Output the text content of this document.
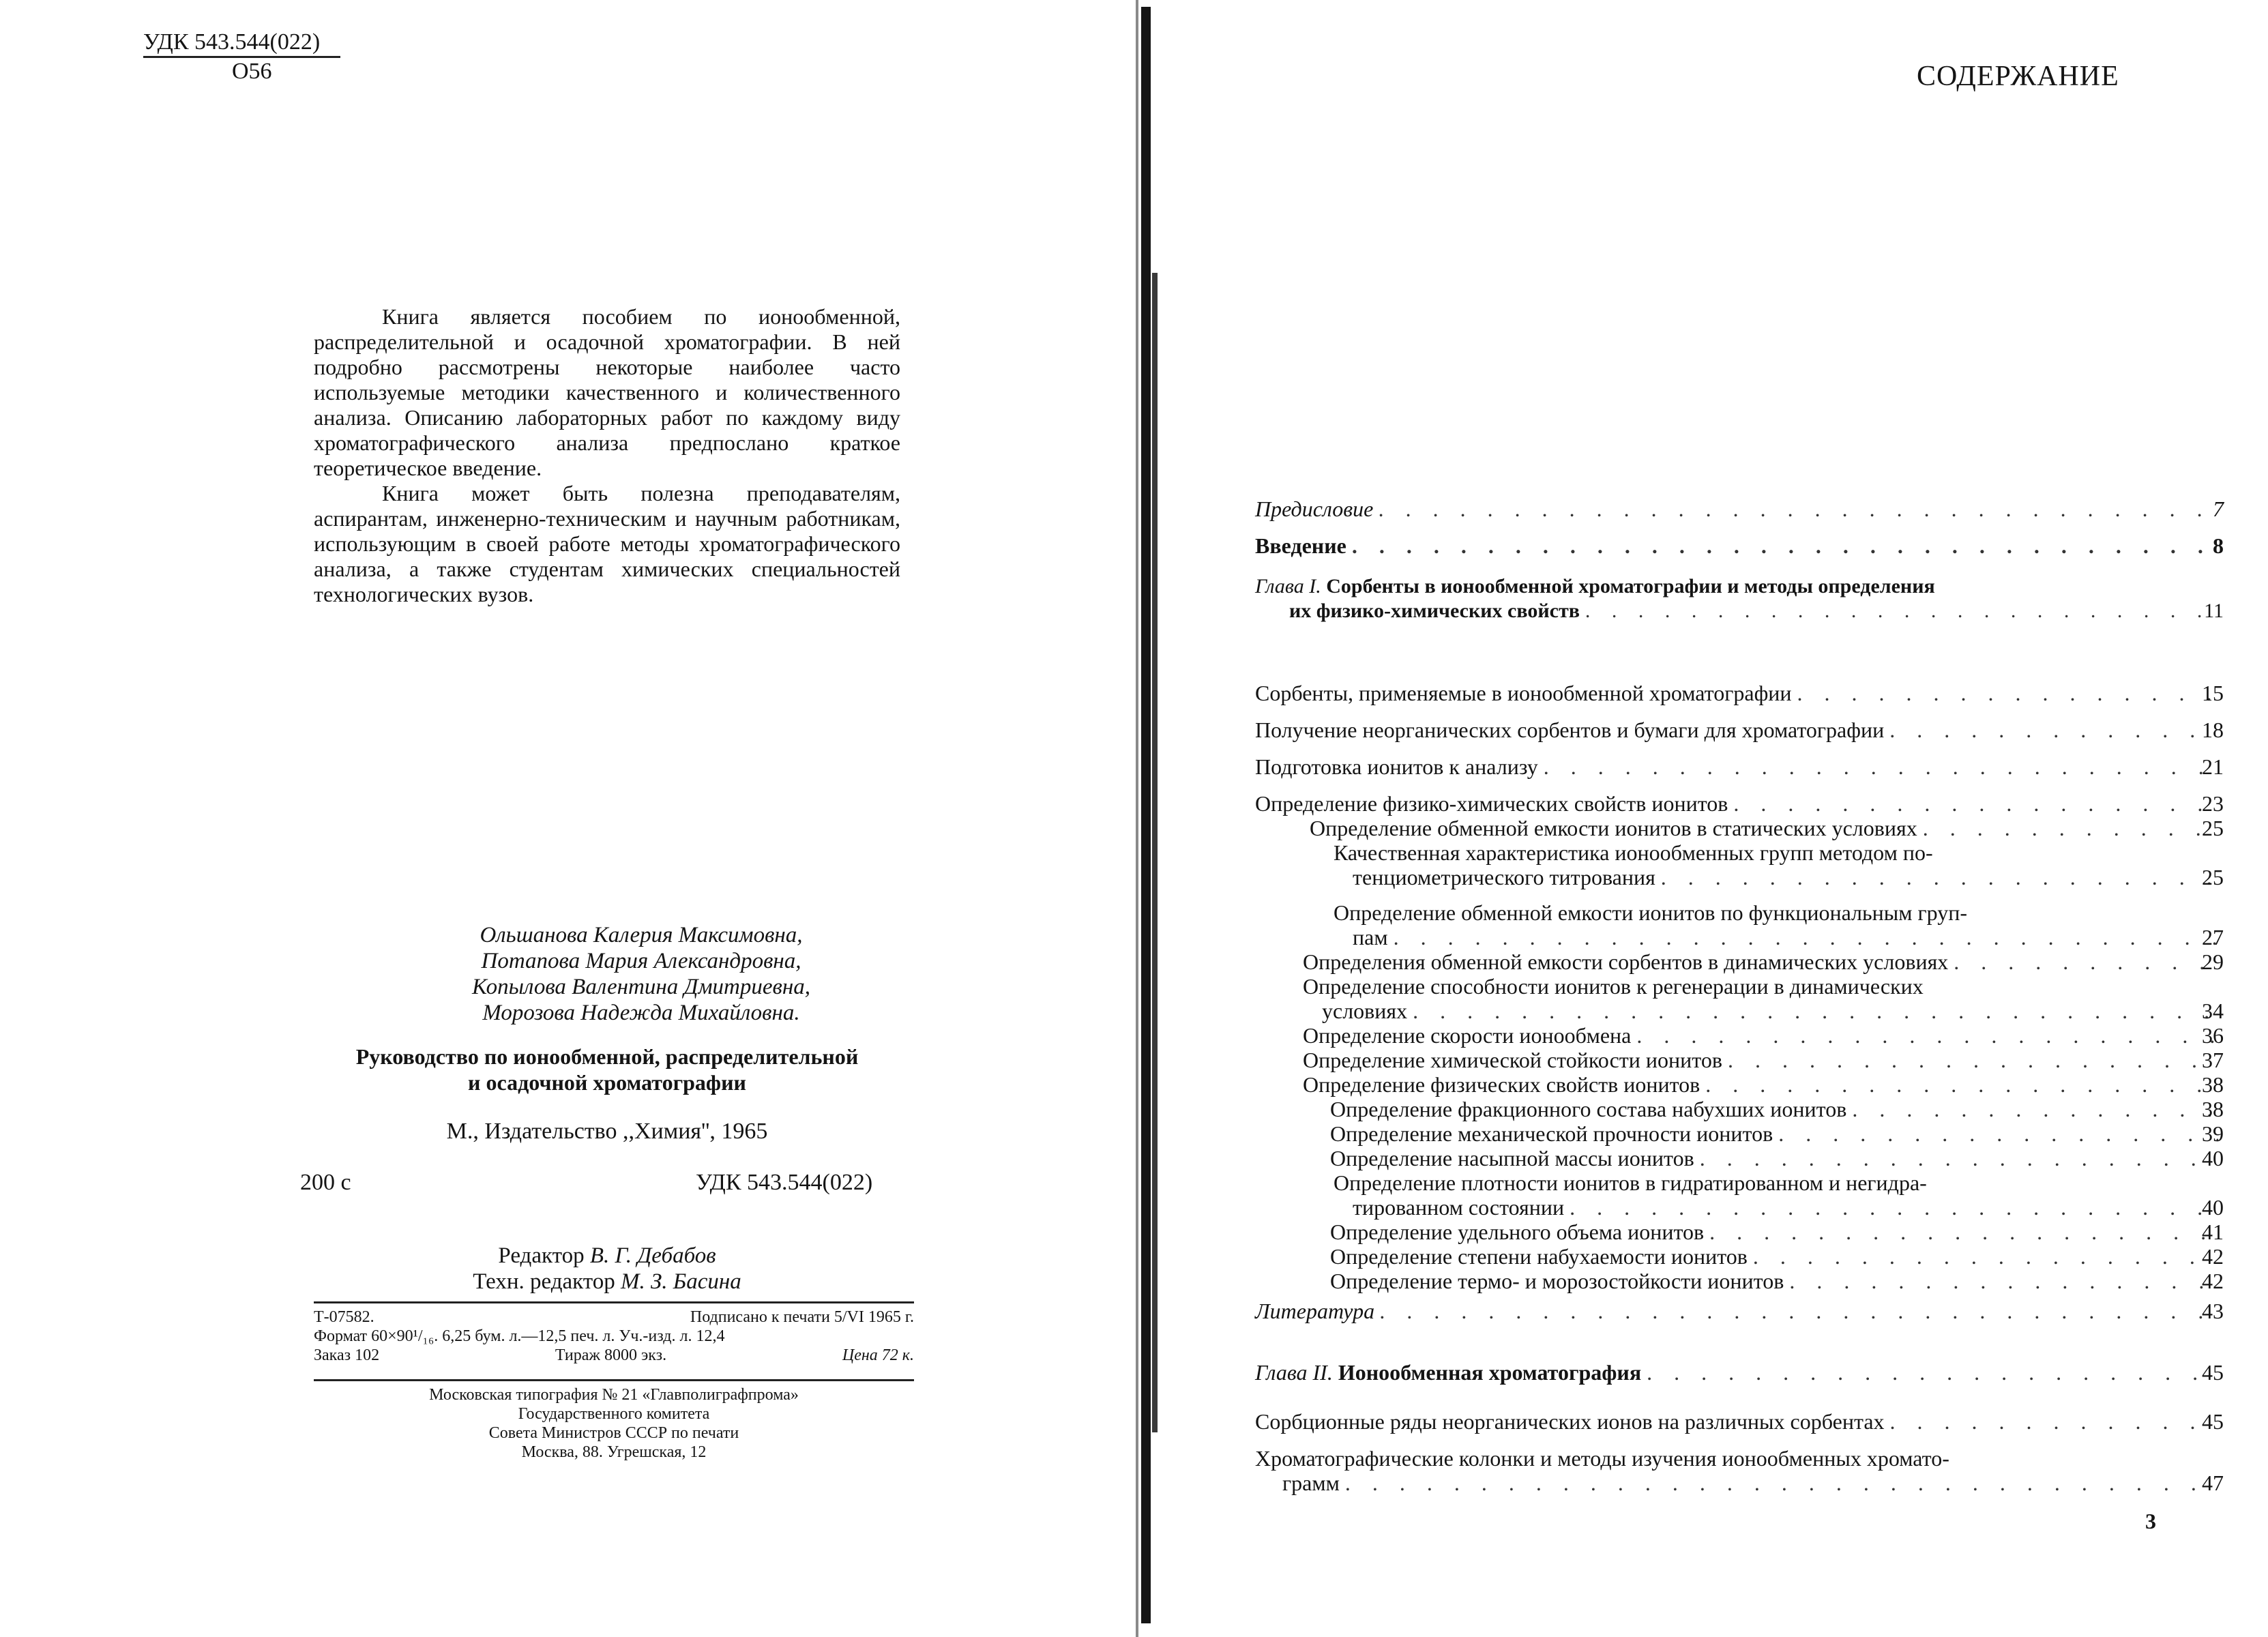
УДК 543.544(022)
О56

Книга является пособием по ионообменной, распределительной и осадочной хроматографии. В ней подробно рассмотрены некоторые наиболее часто используемые методики качественного и количественного анализа. Описанию лабораторных работ по каждому виду хроматографического анализа предпослано краткое теоретическое введение.

Книга может быть полезна преподавателям, аспирантам, инженерно-техническим и научным работникам, использующим в своей работе методы хроматографического анализа, а также студентам химических специальностей технологических вузов.

Ольшанова Калерия Максимовна,
Потапова Мария Александровна,
Копылова Валентина Дмитриевна,
Морозова Надежда Михайловна.
Руководство по ионообменной, распределительной
и осадочной хроматографии
М., Издательство ,,Химия'', 1965
200 с	УДК 543.544(022)
Редактор В. Г. Дебабов
Техн. редактор М. З. Басина
Т-07582.	Подписано к печати 5/VI 1965 г.
Формат 60×90¹/₁₆. 6,25 бум. л.—12,5 печ. л. Уч.-изд. л. 12,4
Заказ 102	Тираж 8000 экз.	Цена 72 к.
Московская типография № 21 «Главполиграфпрома»
Государственного комитета
Совета Министров СССР по печати
Москва, 88. Угрешская, 12
СОДЕРЖАНИЕ
Предисловие . . .	7
Введение . . .	8
Глава I. Сорбенты в ионообменной хроматографии и методы определения
их физико-химических свойств . . .	11
Сорбенты, применяемые в ионообменной хроматографии . . .	15
Получение неорганических сорбентов и бумаги для хроматографии . . .	18
Подготовка ионитов к анализу . . .	21
Определение физико-химических свойств ионитов . . .	23
Определение обменной емкости ионитов в статических условиях . . .	25
Качественная характеристика ионообменных групп методом по-
тенциометрического титрования . . .	25
Определение обменной емкости ионитов по функциональным груп-
пам . . .	27
Определения обменной емкости сорбентов в динамических условиях . . .	29
Определение способности ионитов к регенерации в динамических
условиях . . .	34
Определение скорости ионообмена . . .	36
Определение химической стойкости ионитов . . .	37
Определение физических свойств ионитов . . .	38
Определение фракционного состава набухших ионитов . . .	38
Определение механической прочности ионитов . . .	39
Определение насыпной массы ионитов . . .	40
Определение плотности ионитов в гидратированном и негидра-
тированном состоянии . . .	40
Определение удельного объема ионитов . . .	41
Определение степени набухаемости ионитов . . .	42
Определение термо- и морозостойкости ионитов . . .	42
Литература . . .	43
Глава II.
Ионообменная хроматография . . .	45
Сорбционные ряды неорганических ионов на различных сорбентах . . .	45
Хроматографические колонки и методы изучения ионообменных хромато-
грамм . . .	47
3
